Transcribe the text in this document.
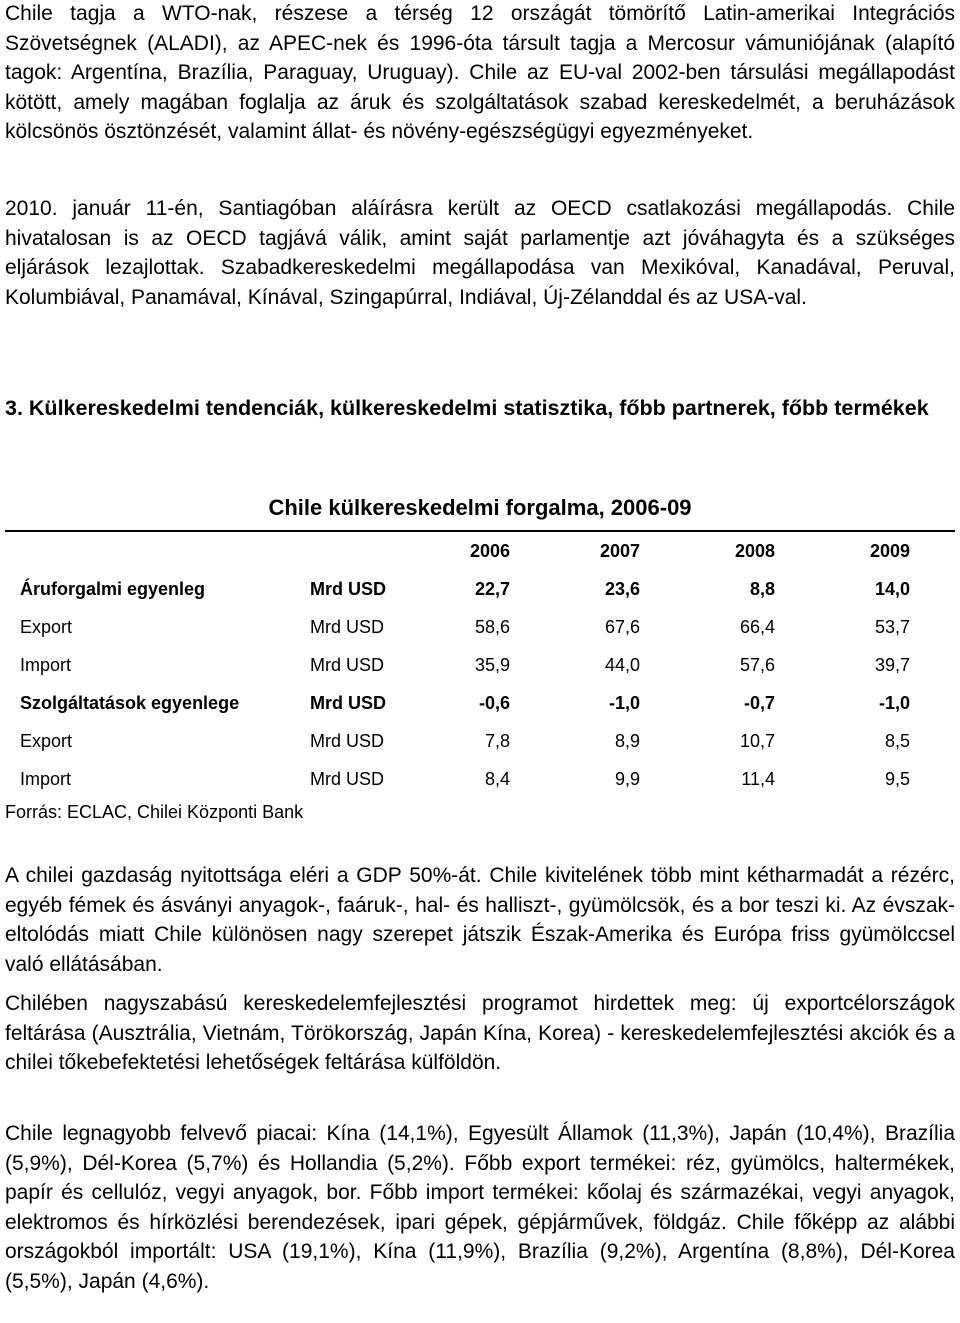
Chile tagja a WTO-nak, részese a térség 12 országát tömörítő Latin-amerikai Integrációs Szövetségnek (ALADI), az APEC-nek és 1996-óta társult tagja a Mercosur vámuniójának (alapító tagok: Argentína, Brazília, Paraguay, Uruguay). Chile az EU-val 2002-ben társulási megállapodást kötött, amely magában foglalja az áruk és szolgáltatások szabad kereskedelmét, a beruházások kölcsönös ösztönzését, valamint állat- és növény-egészségügyi egyezményeket.

2010. január 11-én, Santiagóban aláírásra került az OECD csatlakozási megállapodás. Chile hivatalosan is az OECD tagjává válik, amint saját parlamentje azt jóváhagyta és a szükséges eljárások lezajlottak. Szabadkereskedelmi megállapodása van Mexikóval, Kanadával, Peruval, Kolumbiával, Panamával, Kínával, Szingapúrral, Indiával, Új-Zélanddal és az USA-val.

3. Külkereskedelmi tendenciák, külkereskedelmi statisztika, főbb partnerek, főbb termékek
Chile külkereskedelmi forgalma, 2006-09
2006	2007	2008	2009
Áruforgalmi egyenleg	Mrd USD	22,7	23,6	8,8	14,0
Export	Mrd USD	58,6	67,6	66,4	53,7
Import	Mrd USD	35,9	44,0	57,6	39,7
Szolgáltatások egyenlege	Mrd USD	-0,6	-1,0	-0,7	-1,0
Export	Mrd USD	7,8	8,9	10,7	8,5
Import	Mrd USD	8,4	9,9	11,4	9,5
Forrás: ECLAC, Chilei Központi Bank

A chilei gazdaság nyitottsága eléri a GDP 50%-át. Chile kivitelének több mint kétharmadát a rézérc, egyéb fémek és ásványi anyagok-, faáruk-, hal- és halliszt-, gyümölcsök, és a bor teszi ki. Az évszak-eltolódás miatt Chile különösen nagy szerepet játszik Észak-Amerika és Európa friss gyümölccsel való ellátásában.

Chilében nagyszabású kereskedelemfejlesztési programot hirdettek meg: új exportcélországok feltárása (Ausztrália, Vietnám, Törökország, Japán Kína, Korea) - kereskedelemfejlesztési akciók és a chilei tőkebefektetési lehetőségek feltárása külföldön.

Chile legnagyobb felvevő piacai: Kína (14,1%), Egyesült Államok (11,3%), Japán (10,4%), Brazília (5,9%), Dél-Korea (5,7%) és Hollandia (5,2%). Főbb export termékei: réz, gyümölcs, haltermékek, papír és cellulóz, vegyi anyagok, bor. Főbb import termékei: kőolaj és származékai, vegyi anyagok, elektromos és hírközlési berendezések, ipari gépek, gépjárművek, földgáz. Chile főképp az alábbi országokból importált: USA (19,1%), Kína (11,9%), Brazília (9,2%), Argentína (8,8%), Dél-Korea (5,5%), Japán (4,6%).
